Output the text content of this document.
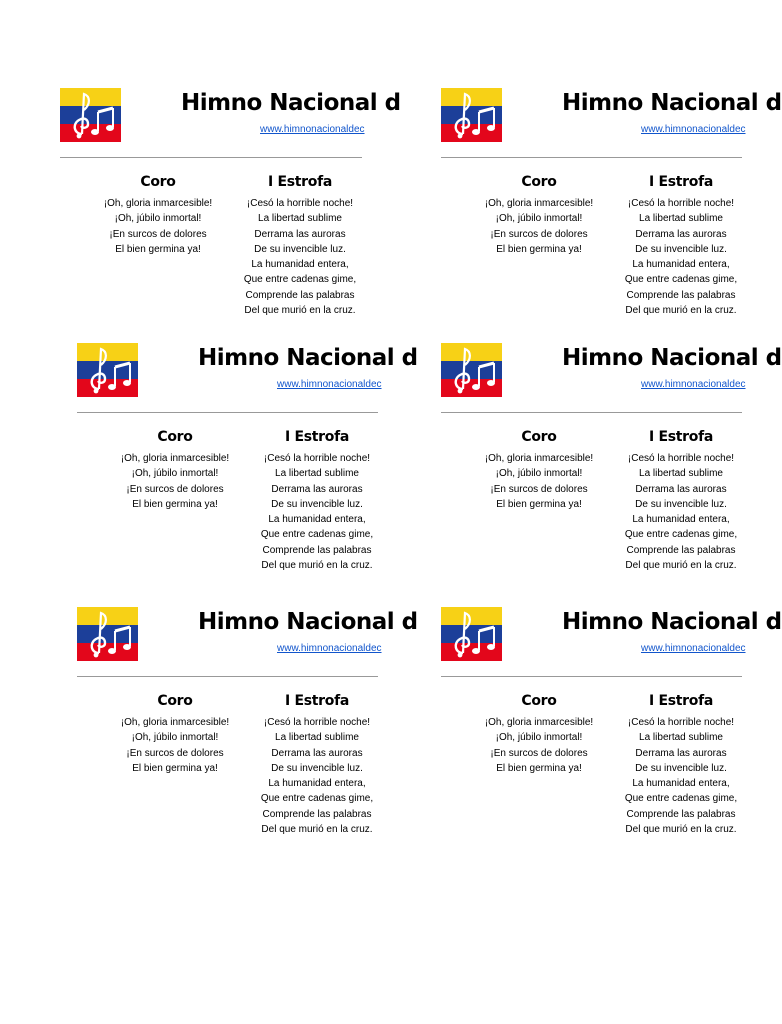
Himno Nacional d
www.himnonacionaldec
Coro
¡Oh, gloria inmarcesible!
¡Oh, júbilo inmortal!
¡En surcos de dolores
El bien germina ya!
I Estrofa
¡Cesó la horrible noche!
La libertad sublime
Derrama las auroras
De su invencible luz.
La humanidad entera,
Que entre cadenas gime,
Comprende las palabras
Del que murió en la cruz.
Himno Nacional d
www.himnonacionaldec
Coro
¡Oh, gloria inmarcesible!
¡Oh, júbilo inmortal!
¡En surcos de dolores
El bien germina ya!
I Estrofa
¡Cesó la horrible noche!
La libertad sublime
Derrama las auroras
De su invencible luz.
La humanidad entera,
Que entre cadenas gime,
Comprende las palabras
Del que murió en la cruz.
Himno Nacional d
www.himnonacionaldec
Coro
¡Oh, gloria inmarcesible!
¡Oh, júbilo inmortal!
¡En surcos de dolores
El bien germina ya!
I Estrofa
¡Cesó la horrible noche!
La libertad sublime
Derrama las auroras
De su invencible luz.
La humanidad entera,
Que entre cadenas gime,
Comprende las palabras
Del que murió en la cruz.
Himno Nacional d
www.himnonacionaldec
Coro
¡Oh, gloria inmarcesible!
¡Oh, júbilo inmortal!
¡En surcos de dolores
El bien germina ya!
I Estrofa
¡Cesó la horrible noche!
La libertad sublime
Derrama las auroras
De su invencible luz.
La humanidad entera,
Que entre cadenas gime,
Comprende las palabras
Del que murió en la cruz.
Himno Nacional d
www.himnonacionaldec
Coro
¡Oh, gloria inmarcesible!
¡Oh, júbilo inmortal!
¡En surcos de dolores
El bien germina ya!
I Estrofa
¡Cesó la horrible noche!
La libertad sublime
Derrama las auroras
De su invencible luz.
La humanidad entera,
Que entre cadenas gime,
Comprende las palabras
Del que murió en la cruz.
Himno Nacional d
www.himnonacionaldec
Coro
¡Oh, gloria inmarcesible!
¡Oh, júbilo inmortal!
¡En surcos de dolores
El bien germina ya!
I Estrofa
¡Cesó la horrible noche!
La libertad sublime
Derrama las auroras
De su invencible luz.
La humanidad entera,
Que entre cadenas gime,
Comprende las palabras
Del que murió en la cruz.
